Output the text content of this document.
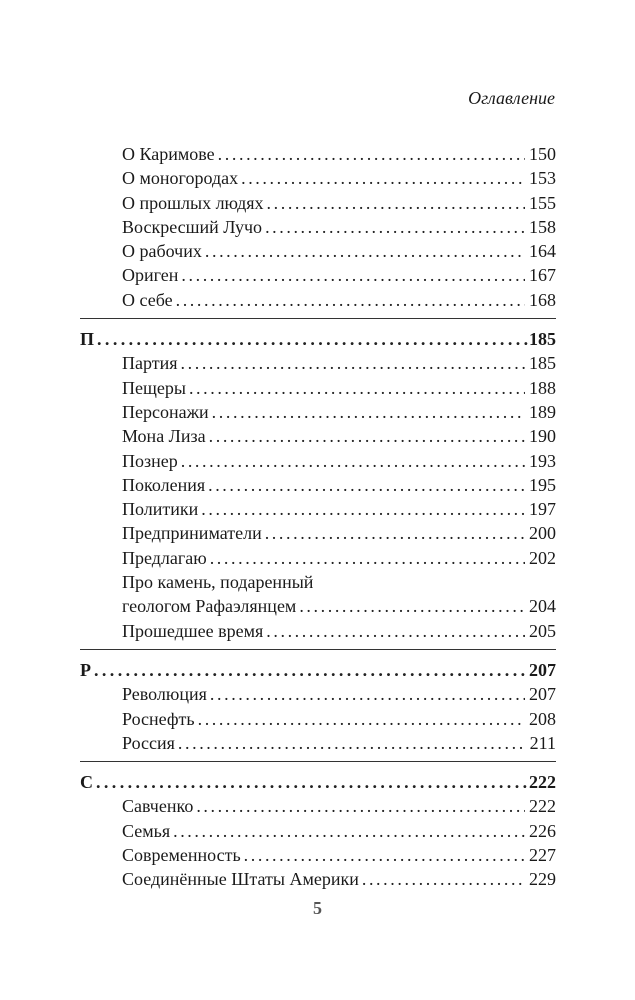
Оглавление
О Каримове .....	150
О моногородах .....	153
О прошлых людях .....	155
Воскресший Лучо .....	158
О рабочих .....	164
Ориген .....	167
О себе .....	168
П .....	185
Партия .....	185
Пещеры .....	188
Персонажи .....	189
Мона Лиза .....	190
Познер .....	193
Поколения .....	195
Политики .....	197
Предприниматели .....	200
Предлагаю .....	202
Про камень, подаренный
геологом Рафаэлянцем .....	204
Прошедшее время .....	205
Р .....	207
Революция .....	207
Роснефть .....	208
Россия .....	211
С .....	222
Савченко .....	222
Семья .....	226
Современность .....	227
Соединённые Штаты Америки .....	229
5
